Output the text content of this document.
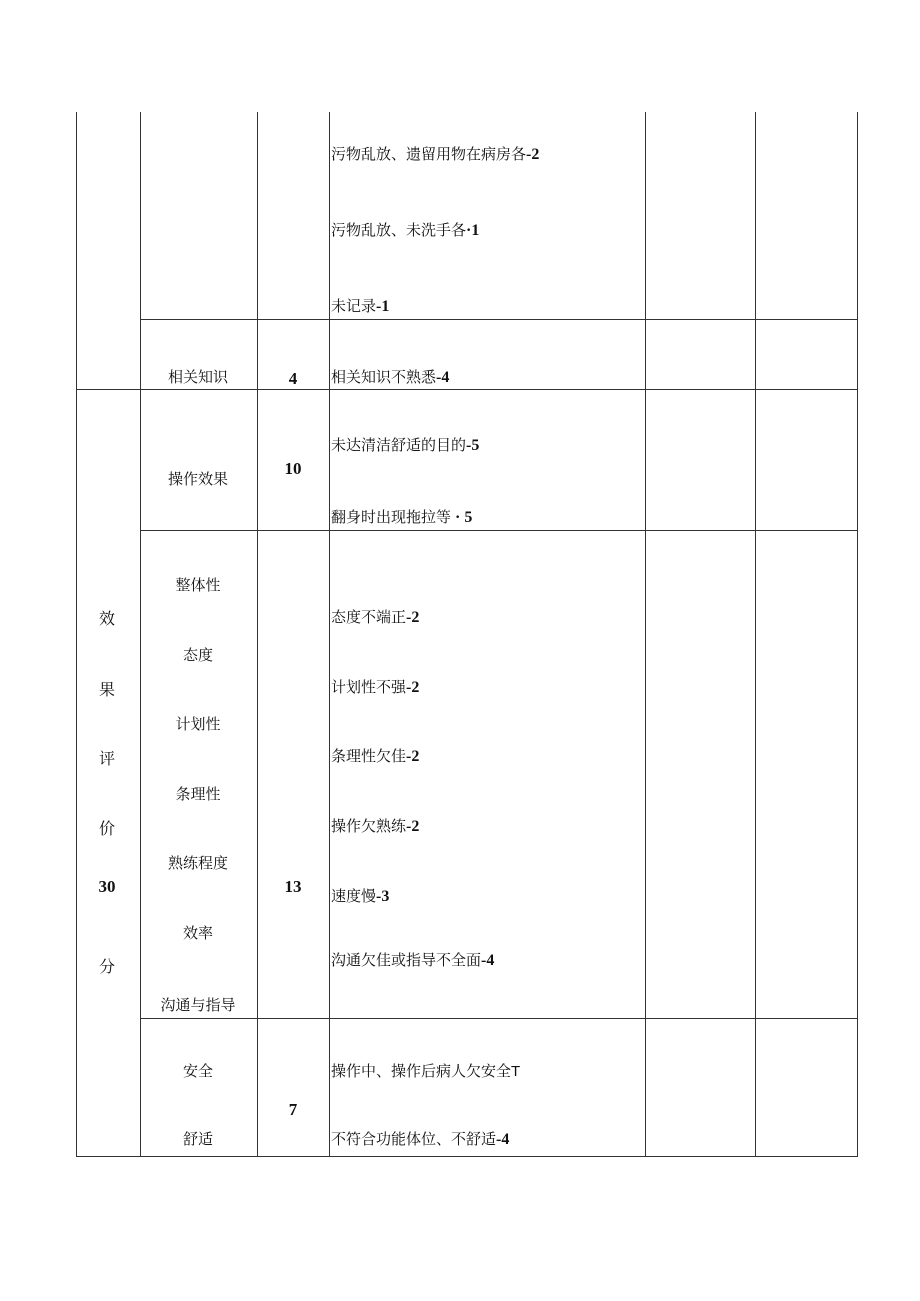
污物乱放、遗留用物在病房各-2
污物乱放、未洗手各·1
未记录-1
相关知识	4 相关知识不熟悉-4
效
果
评
价
30
分
操作效果
10
未达清洁舒适的目的-5
翻身时出现拖拉等 · 5
整体性
态度
计划性
条理性
熟练程度
效率
沟通与指导
13
态度不端正-2
计划性不强-2
条理性欠佳-2
操作欠熟练-2
速度慢-3
沟通欠佳或指导不全面-4
安全
舒适
7
操作中、操作后病人欠安全T
不符合功能体位、不舒适-4
